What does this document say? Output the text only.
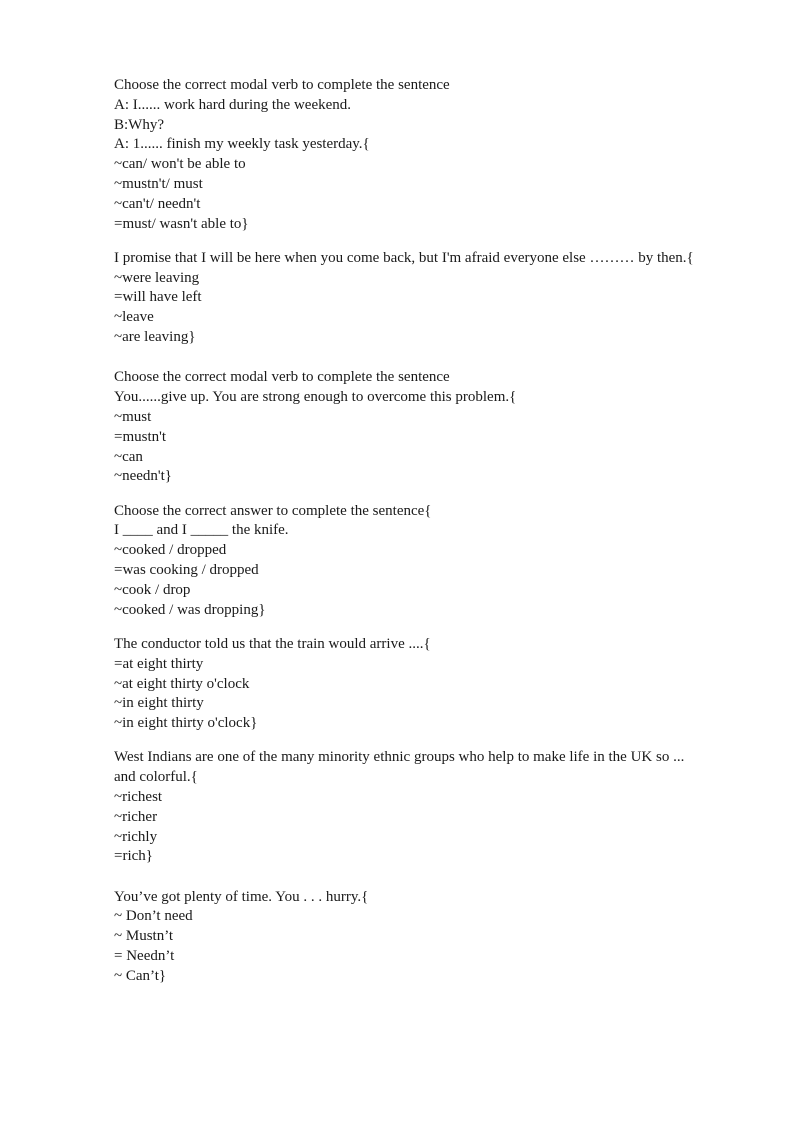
Choose the correct modal verb to complete the sentence

A: I...... work hard during the weekend.

B:Why?

A: 1...... finish my weekly task yesterday.{

~can/ won't be able to

~mustn't/ must

~can't/ needn't

=must/ wasn't able to}

I promise that I will be here when you come back, but I'm afraid everyone else ……… by then.{

~were leaving

=will have left

~leave

~are leaving}

Choose the correct modal verb to complete the sentence

You......give up. You are strong enough to overcome this problem.{

~must

=mustn't

~can

~needn't}

Choose the correct answer to complete the sentence{

I ____ and I _____ the knife.

~cooked / dropped

=was cooking / dropped

~cook / drop

~cooked / was dropping}

The conductor told us that the train would arrive ....{

=at eight thirty

~at eight thirty o'clock

~in eight thirty

~in eight thirty o'clock}

West Indians are one of the many minority ethnic groups who help to make life in the UK so ...

and colorful.{

~richest

~richer

~richly

=rich}

You’ve got plenty of time. You . . . hurry.{

~ Don’t need

~ Mustn’t

= Needn’t

~ Can’t}
